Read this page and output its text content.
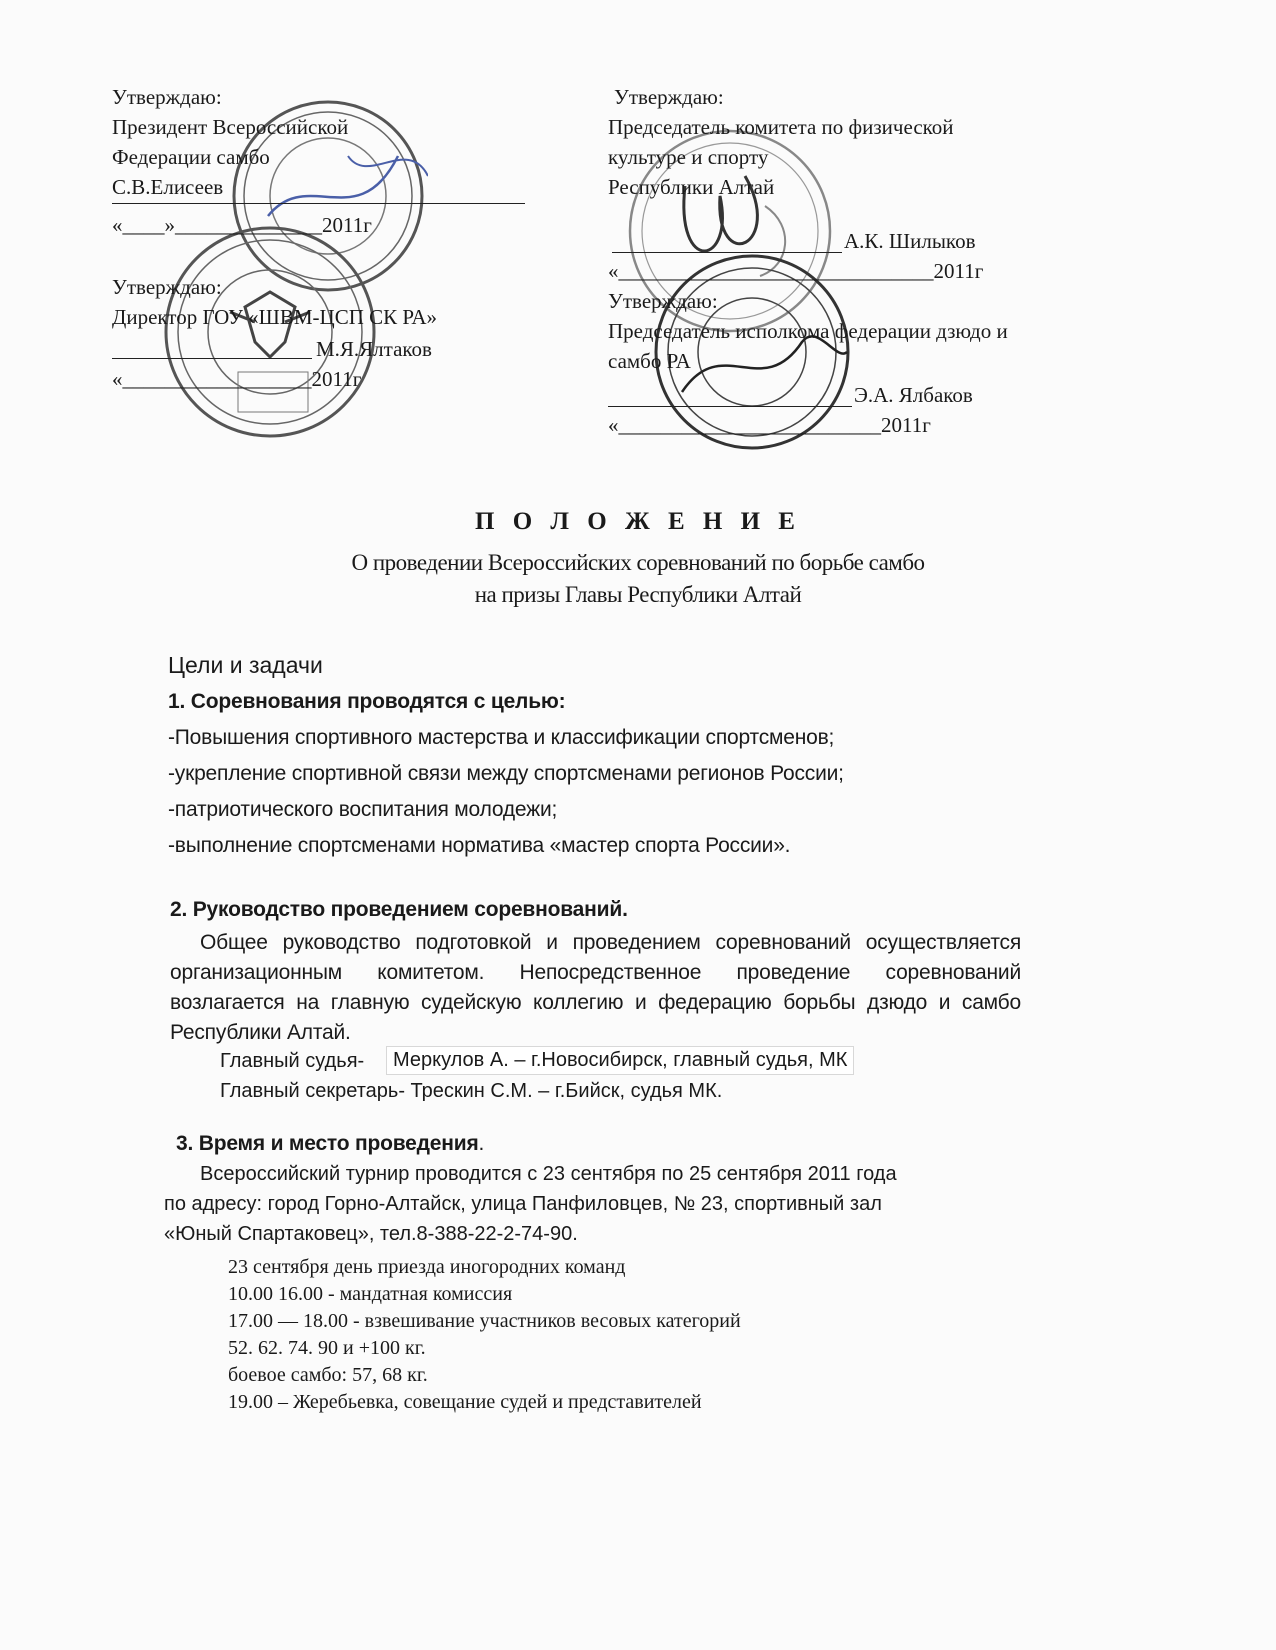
Утверждаю:
Президент Всероссийской
Федерации самбо
С.В.Елисеев
«____»______________2011г
Утверждаю:
Директор ГОУ «ШВМ-ЦСП СК РА»
М.Я.Ялтаков
«__________________2011г
Утверждаю:
Председатель комитета по физической
культуре и спорту
Республики Алтай
А.К. Шилыков
«______________________________2011г
Утверждаю:
Председатель исполкома федерации дзюдо и
самбо РА
Э.А. Ялбаков
«_________________________2011г
П О Л О Ж Е Н И Е
О проведении Всероссийских соревнований по борьбе самбо
на призы Главы Республики Алтай
Цели и задачи
1. Соревнования проводятся с целью:
-Повышения спортивного мастерства и классификации спортсменов;
-укрепление спортивной связи между спортсменами регионов России;
-патриотического воспитания молодежи;
-выполнение спортсменами норматива «мастер спорта России».
2. Руководство проведением соревнований.
Общее руководство подготовкой и проведением соревнований осуществляется организационным комитетом. Непосредственное проведение соревнований возлагается на главную судейскую коллегию и федерацию борьбы дзюдо и самбо Республики Алтай.
Главный судья-	Меркулов А. – г.Новосибирск, главный судья, МК
Главный секретарь- Трескин С.М. – г.Бийск, судья МК.
3. Время и место проведения.
Всероссийский турнир проводится с 23 сентября по 25 сентября 2011 года
по адресу: город Горно-Алтайск, улица Панфиловцев, № 23, спортивный зал
«Юный Спартаковец», тел.8-388-22-2-74-90.
23 сентября день приезда иногородних команд
10.00 16.00 - мандатная комиссия
17.00 — 18.00 - взвешивание участников весовых категорий
52. 62. 74. 90 и +100 кг.
боевое самбо: 57, 68 кг.
19.00 – Жеребьевка, совещание судей и представителей
